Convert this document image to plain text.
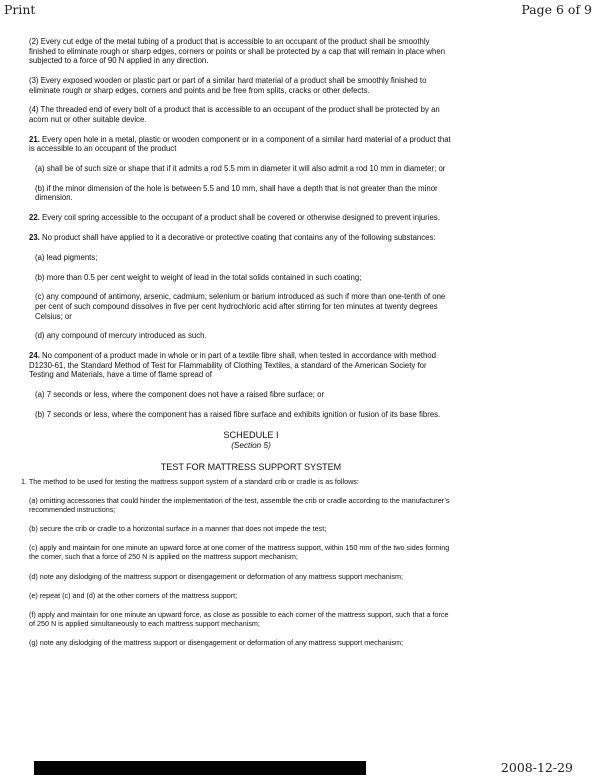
Print	Page 6 of 9

(2) Every cut edge of the metal tubing of a product that is accessible to an occupant of the product shall be smoothly finished to eliminate rough or sharp edges, corners or points or shall be protected by a cap that will remain in place when subjected to a force of 90 N applied in any direction.

(3) Every exposed wooden or plastic part or part of a similar hard material of a product shall be smoothly finished to eliminate rough or sharp edges, corners and points and be free from splits, cracks or other defects.

(4) The threaded end of every bolt of a product that is accessible to an occupant of the product shall be protected by an acorn nut or other suitable device.

21. Every open hole in a metal, plastic or wooden component or in a component of a similar hard material of a product that is accessible to an occupant of the product

(a) shall be of such size or shape that if it admits a rod 5.5 mm in diameter it will also admit a rod 10 mm in diameter; or

(b) if the minor dimension of the hole is between 5.5 and 10 mm, shall have a depth that is not greater than the minor dimension.

22. Every coil spring accessible to the occupant of a product shall be covered or otherwise designed to prevent injuries.

23. No product shall have applied to it a decorative or protective coating that contains any of the following substances:

(a) lead pigments;

(b) more than 0.5 per cent weight to weight of lead in the total solids contained in such coating;

(c) any compound of antimony, arsenic, cadmium, selenium or barium introduced as such if more than one-tenth of one per cent of such compound dissolves in five per cent hydrochloric acid after stirring for ten minutes at twenty degrees Celsius; or

(d) any compound of mercury introduced as such.

24. No component of a product made in whole or in part of a textile fibre shall, when tested in accordance with method D1230-61, the Standard Method of Test for Flammability of Clothing Textiles, a standard of the American Society for Testing and Materials, have a time of flame spread of

(a) 7 seconds or less, where the component does not have a raised fibre surface; or

(b) 7 seconds or less, where the component has a raised fibre surface and exhibits ignition or fusion of its base fibres.

SCHEDULE I

(Section 5)

TEST FOR MATTRESS SUPPORT SYSTEM

1. The method to be used for testing the mattress support system of a standard crib or cradle is as follows:

(a) omitting accessories that could hinder the implementation of the test, assemble the crib or cradle according to the manufacturer’s recommended instructions;

(b) secure the crib or cradle to a horizontal surface in a manner that does not impede the test;

(c) apply and maintain for one minute an upward force at one corner of the mattress support, within 150 mm of the two sides forming the corner, such that a force of 250 N is applied on the mattress support mechanism;

(d) note any dislodging of the mattress support or disengagement or deformation of any mattress support mechanism;

(e) repeat (c) and (d) at the other corners of the mattress support;

(f) apply and maintain for one minute an upward force, as close as possible to each corner of the mattress support, such that a force of 250 N is applied simultaneously to each mattress support mechanism;

(g) note any dislodging of the mattress support or disengagement or deformation of any mattress support mechanism;

2008-12-29
